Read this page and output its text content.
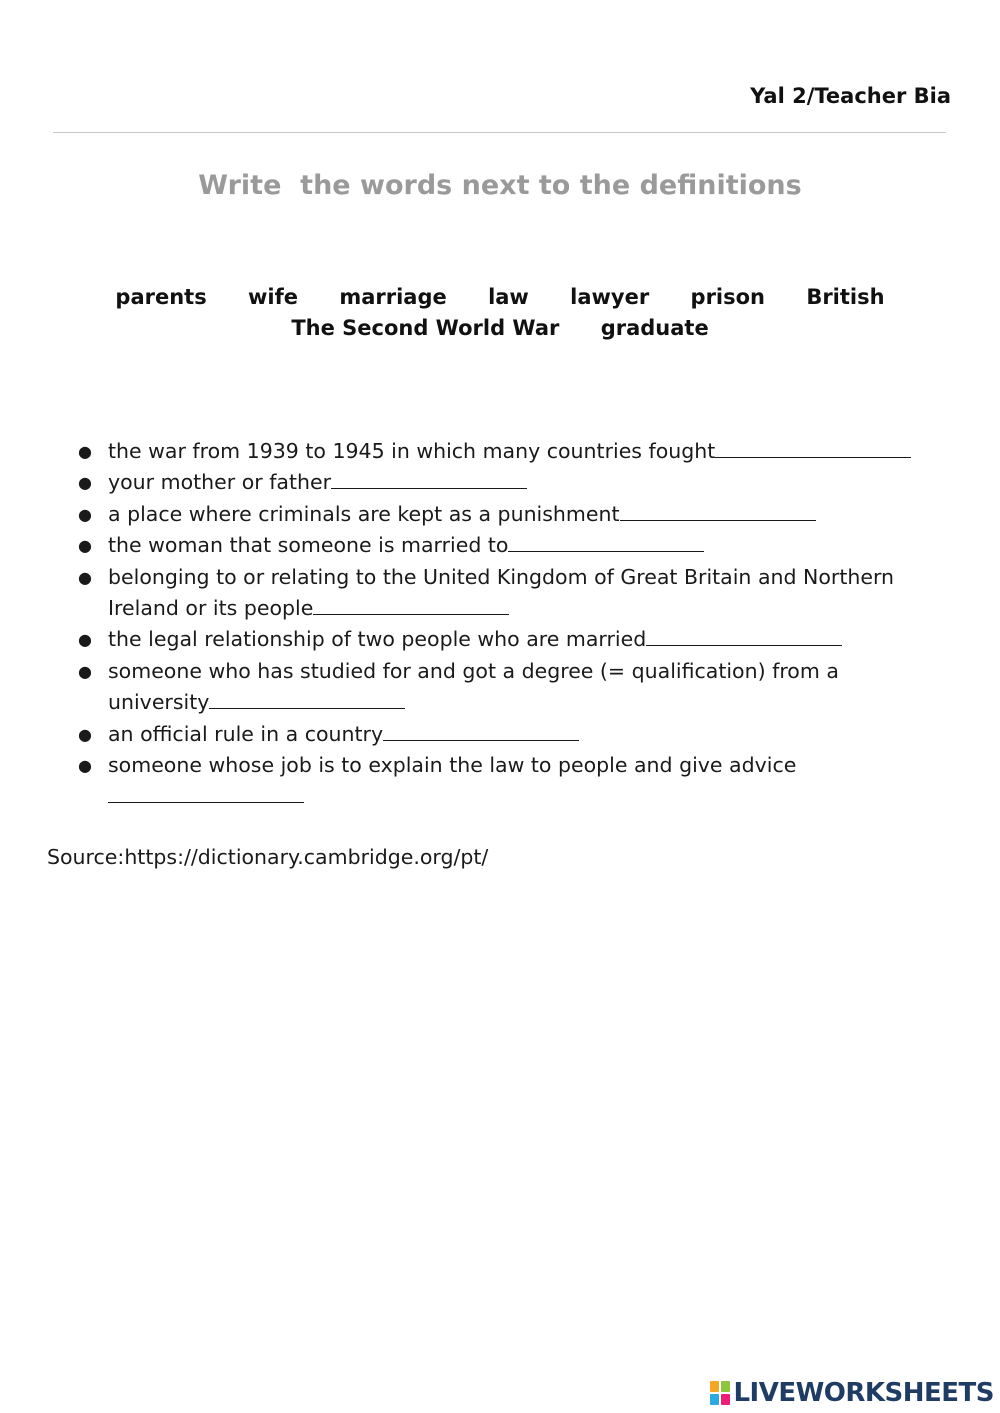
Yal 2/Teacher Bia
Write  the words next to the definitions
parents wife marriage law lawyer prison British
The Second World War graduate
● the war from 1939 to 1945 in which many countries fought
● your mother or father
● a place where criminals are kept as a punishment
● the woman that someone is married to
● belonging to or relating to the United Kingdom of Great Britain and Northern Ireland or its people
● the legal relationship of two people who are married
● someone who has studied for and got a degree (= qualification) from a university
● an official rule in a country
● someone whose job is to explain the law to people and give advice
Source:https://dictionary.cambridge.org/pt/
LIVEWORKSHEETS
